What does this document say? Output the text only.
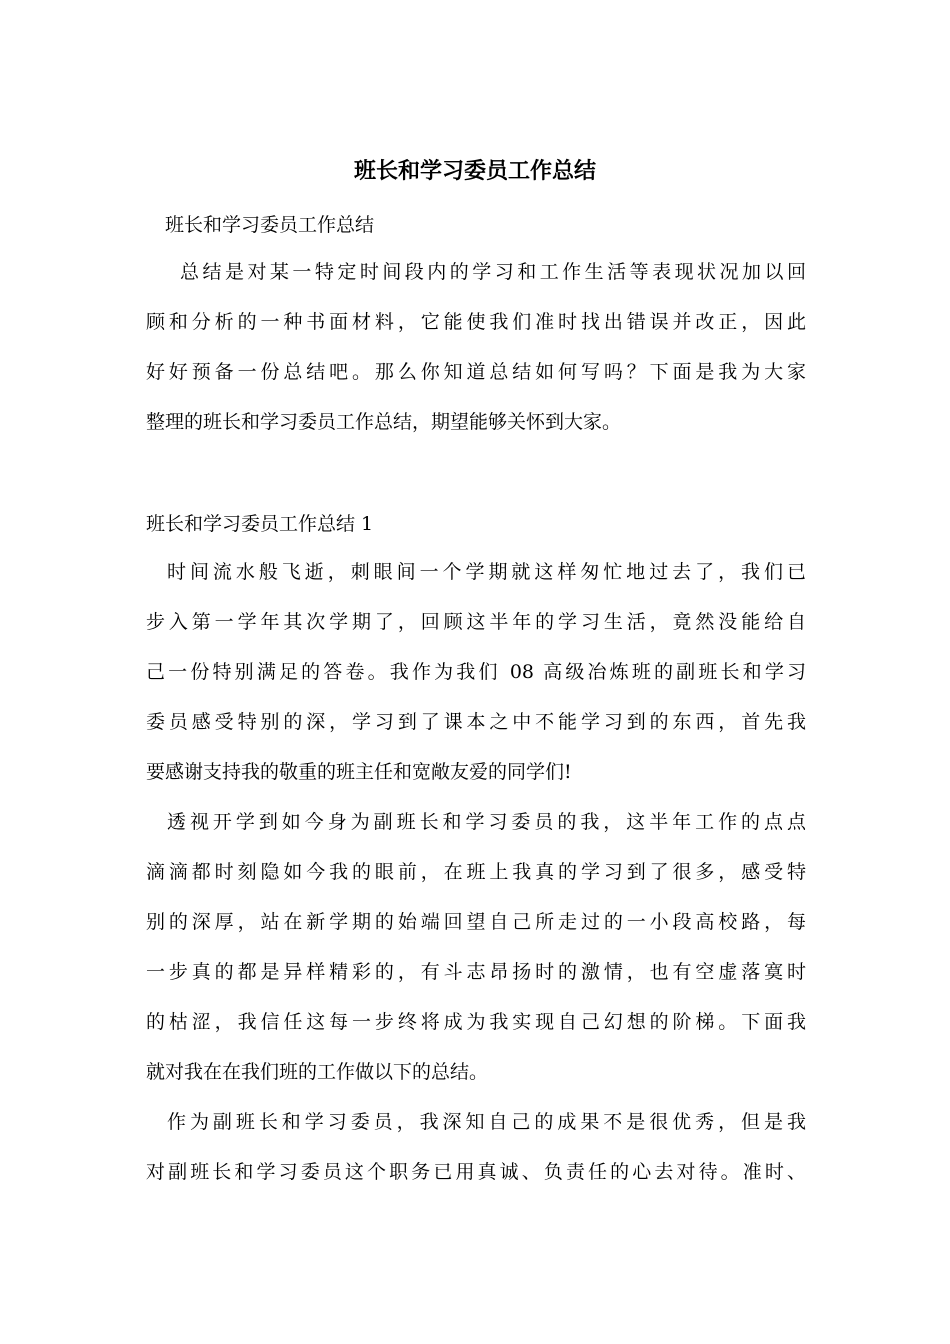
班长和学习委员工作总结

班长和学习委员工作总结

总结是对某一特定时间段内的学习和工作生活等表现状况加以回
顾和分析的一种书面材料，它能使我们准时找出错误并改正，因此
好好预备一份总结吧。那么你知道总结如何写吗？下面是我为大家
整理的班长和学习委员工作总结，期望能够关怀到大家。

班长和学习委员工作总结 1

时间流水般飞逝，刺眼间一个学期就这样匆忙地过去了，我们已
步入第一学年其次学期了，回顾这半年的学习生活，竟然没能给自
己一份特别满足的答卷。我作为我们 08 高级冶炼班的副班长和学习
委员感受特别的深，学习到了课本之中不能学习到的东西，首先我
要感谢支持我的敬重的班主任和宽敞友爱的同学们!
透视开学到如今身为副班长和学习委员的我，这半年工作的点点
滴滴都时刻隐如今我的眼前，在班上我真的学习到了很多，感受特
别的深厚，站在新学期的始端回望自己所走过的一小段高校路，每
一步真的都是异样精彩的，有斗志昂扬时的激情，也有空虚落寞时
的枯涩，我信任这每一步终将成为我实现自己幻想的阶梯。下面我
就对我在在我们班的工作做以下的总结。
作为副班长和学习委员，我深知自己的成果不是很优秀，但是我
对副班长和学习委员这个职务已用真诚、负责任的心去对待。准时、
